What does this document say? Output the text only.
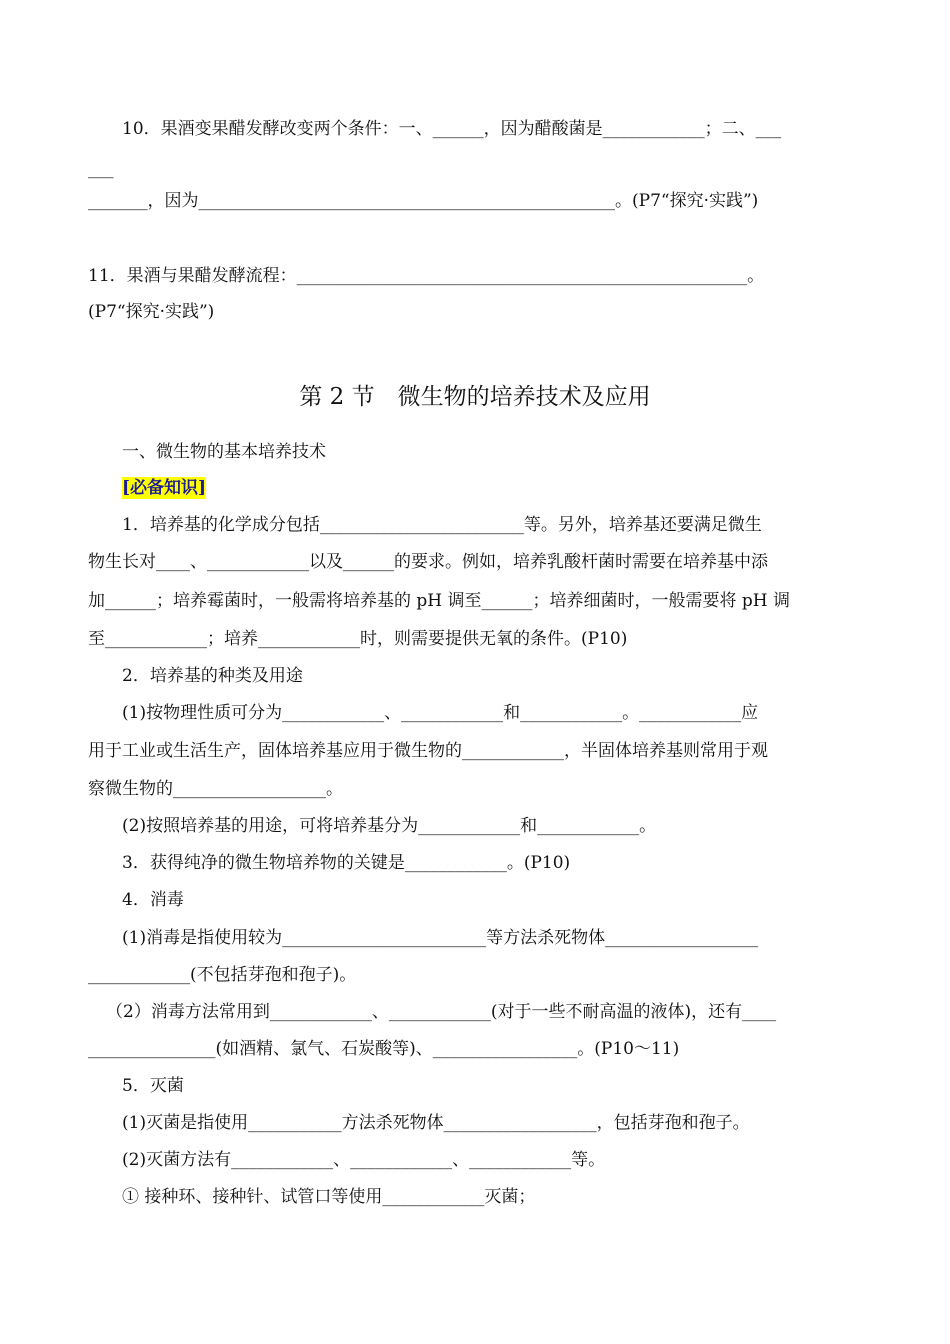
10．果酒变果醋发酵改变两个条件：一、______，因为醋酸菌是____________；二、___
___
_______，因为_________________________________________________。(P7“探究·实践”)
11．果酒与果醋发酵流程：_____________________________________________________。
(P7“探究·实践”)
第 2 节　微生物的培养技术及应用
一、微生物的基本培养技术
[必备知识]
1．培养基的化学成分包括________________________等。另外，培养基还要满足微生
物生长对____、____________以及______的要求。例如，培养乳酸杆菌时需要在培养基中添
加______；培养霉菌时，一般需将培养基的 pH 调至______；培养细菌时，一般需要将 pH 调
至____________；培养____________时，则需要提供无氧的条件。(P10)
2．培养基的种类及用途
(1)按物理性质可分为____________、____________和____________。____________应
用于工业或生活生产，固体培养基应用于微生物的____________，半固体培养基则常用于观
察微生物的__________________。
(2)按照培养基的用途，可将培养基分为____________和____________。
3．获得纯净的微生物培养物的关键是____________。(P10)
4．消毒
(1)消毒是指使用较为________________________等方法杀死物体__________________
____________(不包括芽孢和孢子)。
（2）消毒方法常用到____________、____________(对于一些不耐高温的液体)，还有____
_______________(如酒精、氯气、石炭酸等)、_________________。(P10～11)
5．灭菌
(1)灭菌是指使用___________方法杀死物体__________________，包括芽孢和孢子。
(2)灭菌方法有____________、____________、____________等。
① 接种环、接种针、试管口等使用____________灭菌；
